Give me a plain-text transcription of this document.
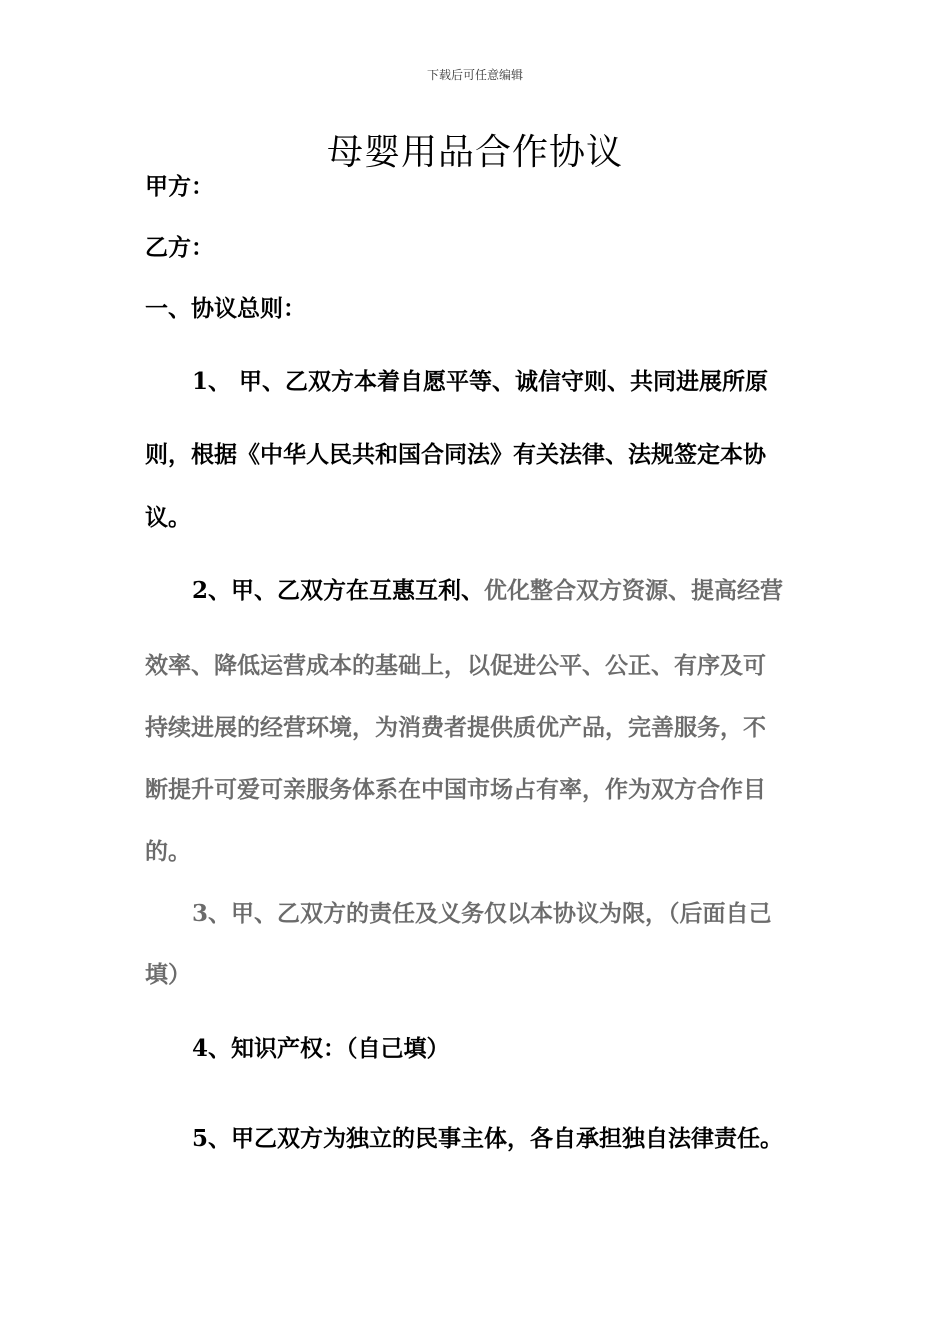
下载后可任意编辑
母婴用品合作协议
甲方：
乙方：
一、协议总则：
1、 甲、乙双方本着自愿平等、诚信守则、共同进展所原
则，根据《中华人民共和国合同法》有关法律、法规签定本协
议。
2、甲、乙双方在互惠互利、优化整合双方资源、提高经营
效率、降低运营成本的基础上，以促进公平、公正、有序及可
持续进展的经营环境，为消费者提供质优产品，完善服务，不
断提升可爱可亲服务体系在中国市场占有率，作为双方合作目
的。
3、甲、乙双方的责任及义务仅以本协议为限，（后面自己
填）
4、知识产权：（自己填）
5、甲乙双方为独立的民事主体，各自承担独自法律责任。
